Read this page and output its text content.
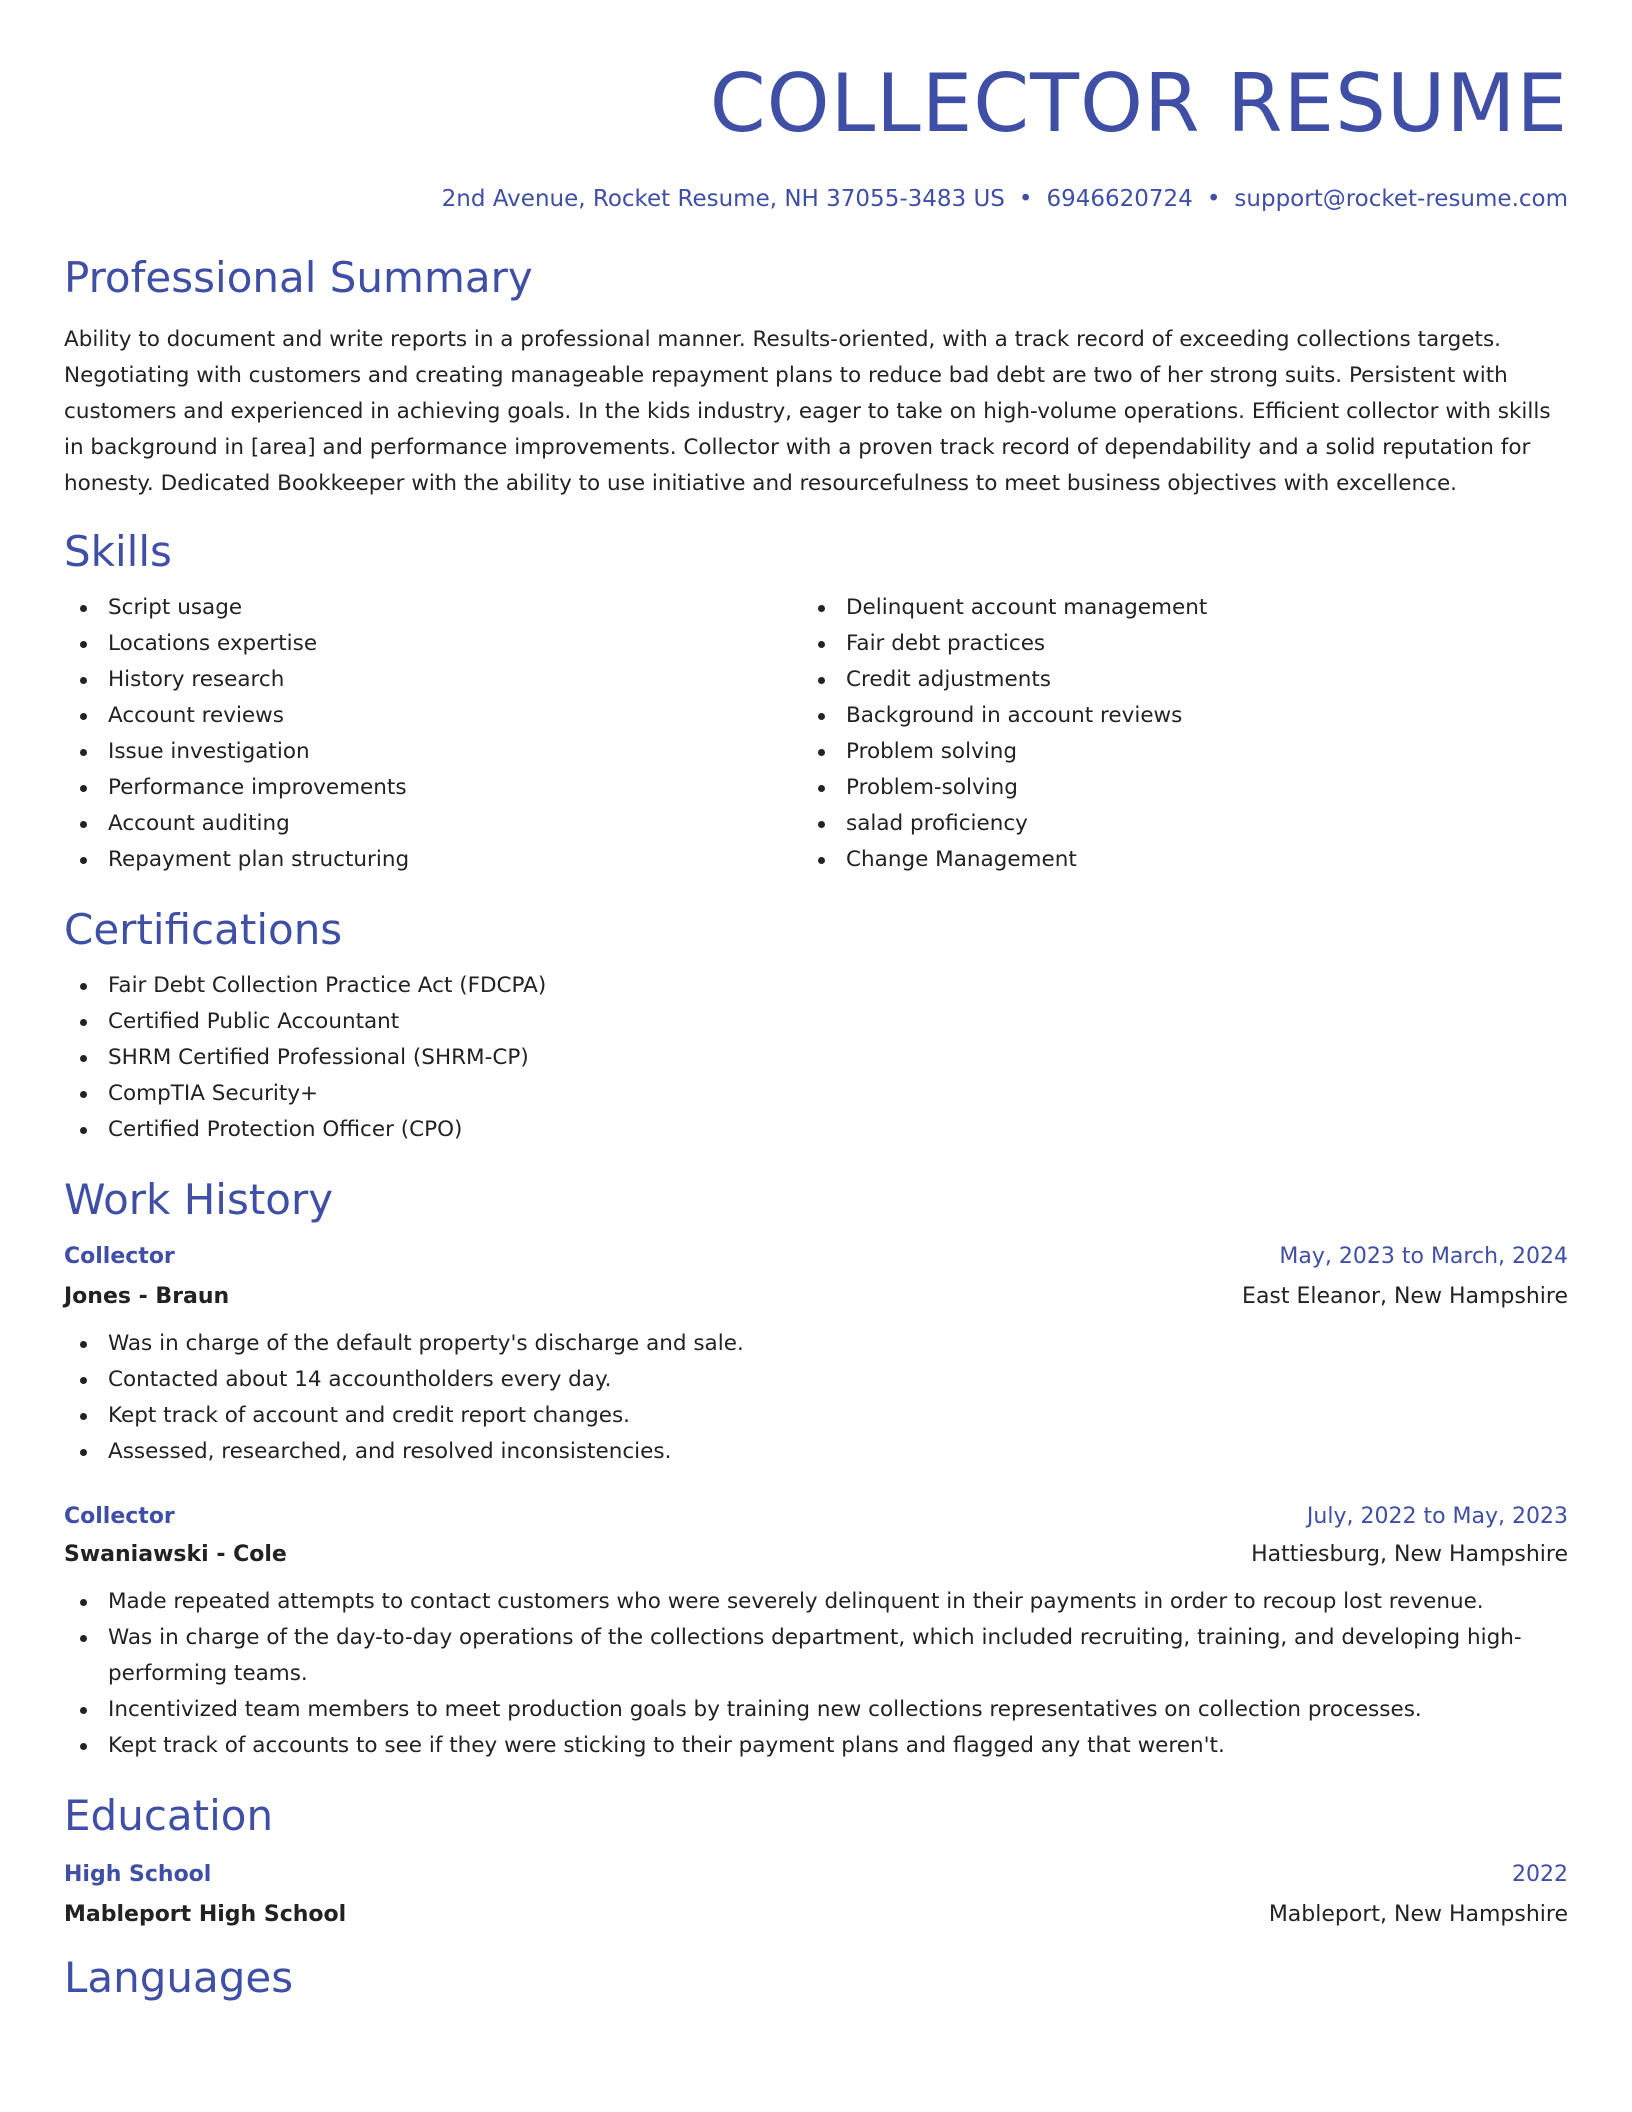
COLLECTOR RESUME
2nd Avenue, Rocket Resume, NH 37055-3483 US • 6946620724 • support@rocket-resume.com
Professional Summary

Ability to document and write reports in a professional manner. Results-oriented, with a track record of exceeding collections targets. Negotiating with customers and creating manageable repayment plans to reduce bad debt are two of her strong suits. Persistent with customers and experienced in achieving goals. In the kids industry, eager to take on high-volume operations. Efficient collector with skills in background in [area] and performance improvements. Collector with a proven track record of dependability and a solid reputation for honesty. Dedicated Bookkeeper with the ability to use initiative and resourcefulness to meet business objectives with excellence.

Skills
Script usage
Locations expertise
History research
Account reviews
Issue investigation
Performance improvements
Account auditing
Repayment plan structuring
Delinquent account management
Fair debt practices
Credit adjustments
Background in account reviews
Problem solving
Problem-solving
salad proficiency
Change Management
Certifications
Fair Debt Collection Practice Act (FDCPA)
Certified Public Accountant
SHRM Certified Professional (SHRM-CP)
CompTIA Security+
Certified Protection Officer (CPO)
Work History
Collector	May, 2023 to March, 2024
Jones - Braun	East Eleanor, New Hampshire
Was in charge of the default property's discharge and sale.
Contacted about 14 accountholders every day.
Kept track of account and credit report changes.
Assessed, researched, and resolved inconsistencies.
Collector	July, 2022 to May, 2023
Swaniawski - Cole	Hattiesburg, New Hampshire
Made repeated attempts to contact customers who were severely delinquent in their payments in order to recoup lost revenue.
Was in charge of the day-to-day operations of the collections department, which included recruiting, training, and developing high-performing teams.
Incentivized team members to meet production goals by training new collections representatives on collection processes.
Kept track of accounts to see if they were sticking to their payment plans and flagged any that weren't.
Education
High School	2022
Mableport High School	Mableport, New Hampshire
Languages
